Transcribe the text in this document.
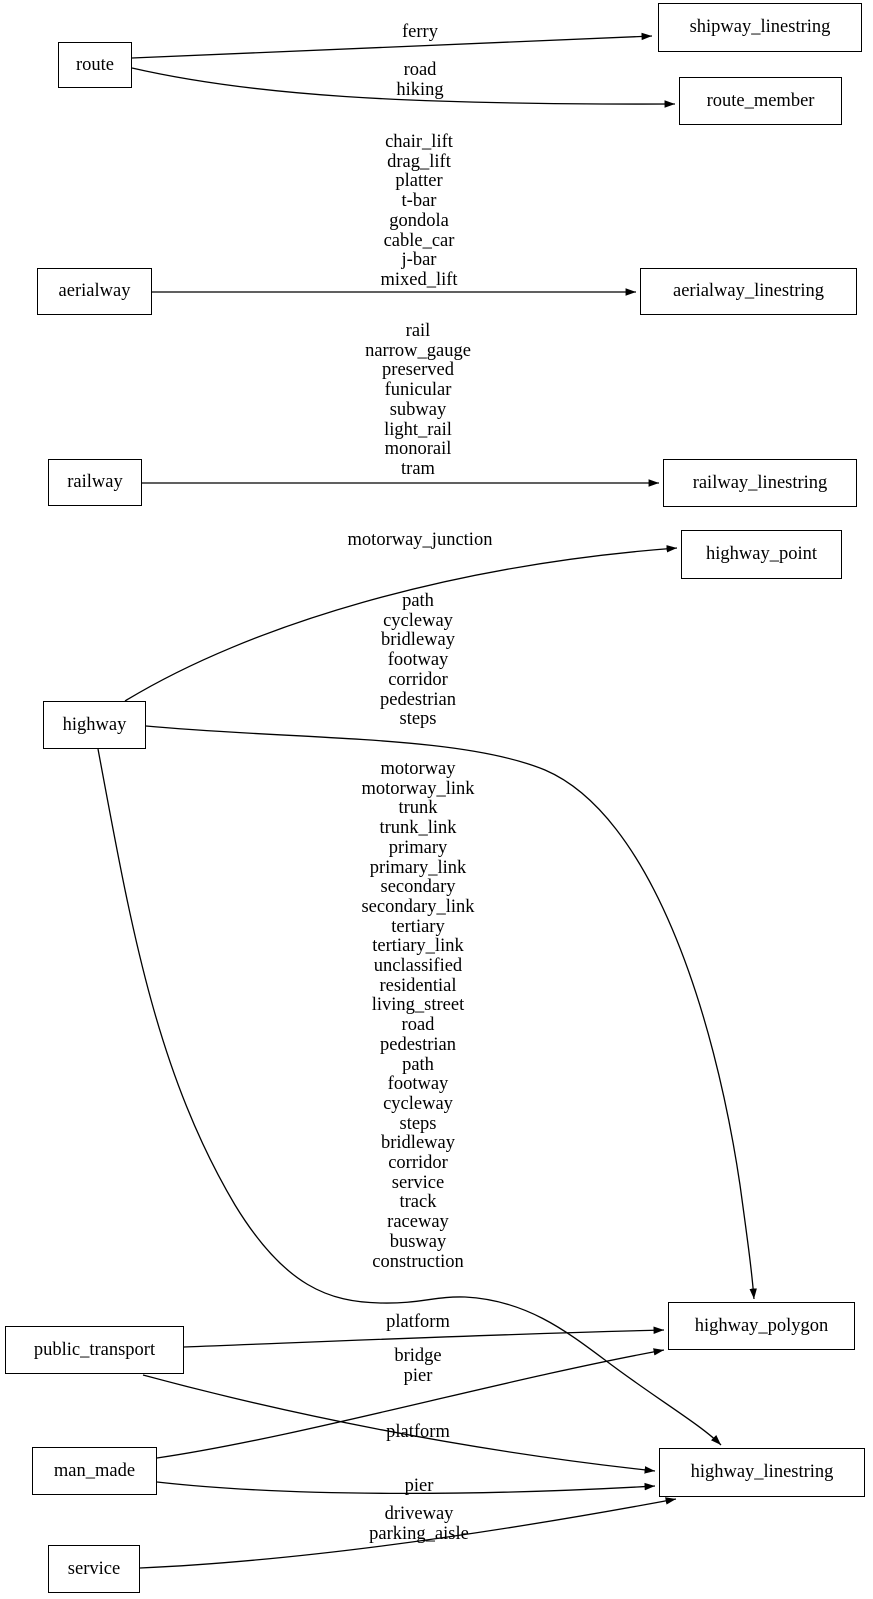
route
aerialway
railway
highway
public_transport
man_made
service
shipway_linestring
route_member
aerialway_linestring
railway_linestring
highway_point
highway_polygon
highway_linestring
ferry
road
hiking
chair_lift
drag_lift
platter
t-bar
gondola
cable_car
j-bar
mixed_lift
rail
narrow_gauge
preserved
funicular
subway
light_rail
monorail
tram
motorway_junction
path
cycleway
bridleway
footway
corridor
pedestrian
steps
motorway
motorway_link
trunk
trunk_link
primary
primary_link
secondary
secondary_link
tertiary
tertiary_link
unclassified
residential
living_street
road
pedestrian
path
footway
cycleway
steps
bridleway
corridor
service
track
raceway
busway
construction
platform
platform
bridge
pier
pier
driveway
parking_aisle
